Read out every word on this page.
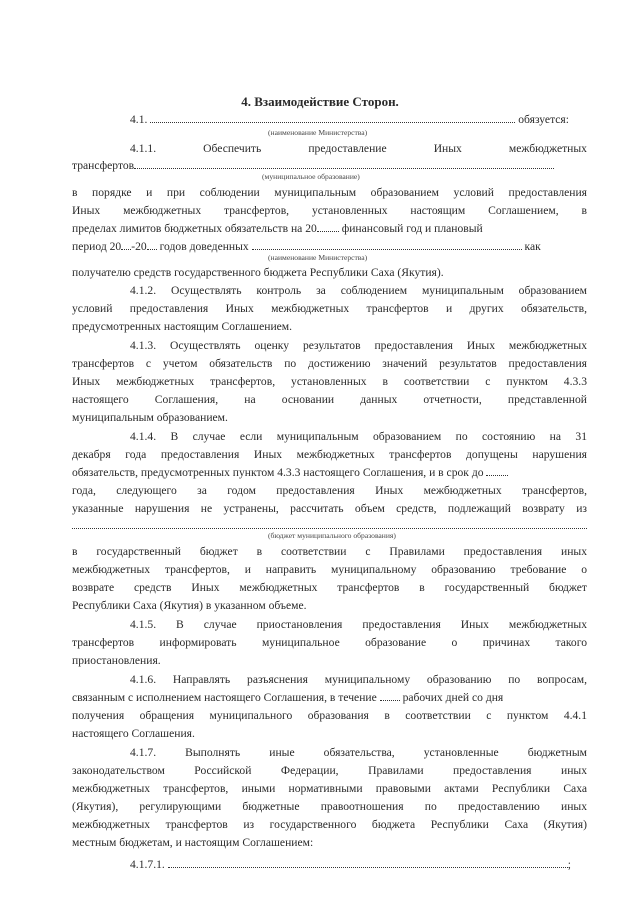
4. Взаимодействие Сторон.
4.1.	обязуется:
(наименование Министерства)
4.1.1.	Обеспечить	предоставление	Иных	межбюджетных
трансфертов
(муниципальное образование)
в порядке и при соблюдении муниципальным образованием условий предоставления
Иных межбюджетных трансфертов, установленных настоящим Соглашением, в
пределах лимитов бюджетных обязательств на 20 финансовый год и плановый
период 20 -20 годов доведенных	как
(наименование Министерства)
получателю средств государственного бюджета Республики Саха (Якутия).
4.1.2. Осуществлять контроль за соблюдением муниципальным образованием
условий предоставления Иных межбюджетных трансфертов и других обязательств,
предусмотренных настоящим Соглашением.
4.1.3. Осуществлять оценку результатов предоставления Иных межбюджетных
трансфертов с учетом обязательств по достижению значений результатов предоставления
Иных межбюджетных трансфертов, установленных в соответствии с пунктом 4.3.3
настоящего Соглашения, на основании данных отчетности, представленной
муниципальным образованием.
4.1.4. В случае если муниципальным образованием по состоянию на 31
декабря года предоставления Иных межбюджетных трансфертов допущены нарушения
обязательств, предусмотренных пунктом 4.3.3 настоящего Соглашения, и в срок до
года, следующего за годом предоставления Иных межбюджетных трансфертов,
указанные нарушения не устранены, рассчитать объем средств, подлежащий возврату из
(бюджет муниципального образования)
в государственный бюджет в соответствии с Правилами предоставления иных
межбюджетных трансфертов, и направить муниципальному образованию требование о
возврате средств Иных межбюджетных трансфертов в государственный бюджет
Республики Саха (Якутия) в указанном объеме.
4.1.5. В случае приостановления предоставления Иных межбюджетных
трансфертов информировать муниципальное образование о причинах такого
приостановления.
4.1.6. Направлять разъяснения муниципальному образованию по вопросам,
связанным с исполнением настоящего Соглашения, в течение рабочих дней со дня
получения обращения муниципального образования в соответствии с пунктом 4.4.1
настоящего Соглашения.
4.1.7. Выполнять иные обязательства, установленные бюджетным
законодательством Российской Федерации, Правилами предоставления иных
межбюджетных трансфертов, иными нормативными правовыми актами Республики Саха
(Якутия), регулирующими бюджетные правоотношения по предоставлению иных
межбюджетных трансфертов из государственного бюджета Республики Саха (Якутия)
местным бюджетам, и настоящим Соглашением:
4.1.7.1.	;
